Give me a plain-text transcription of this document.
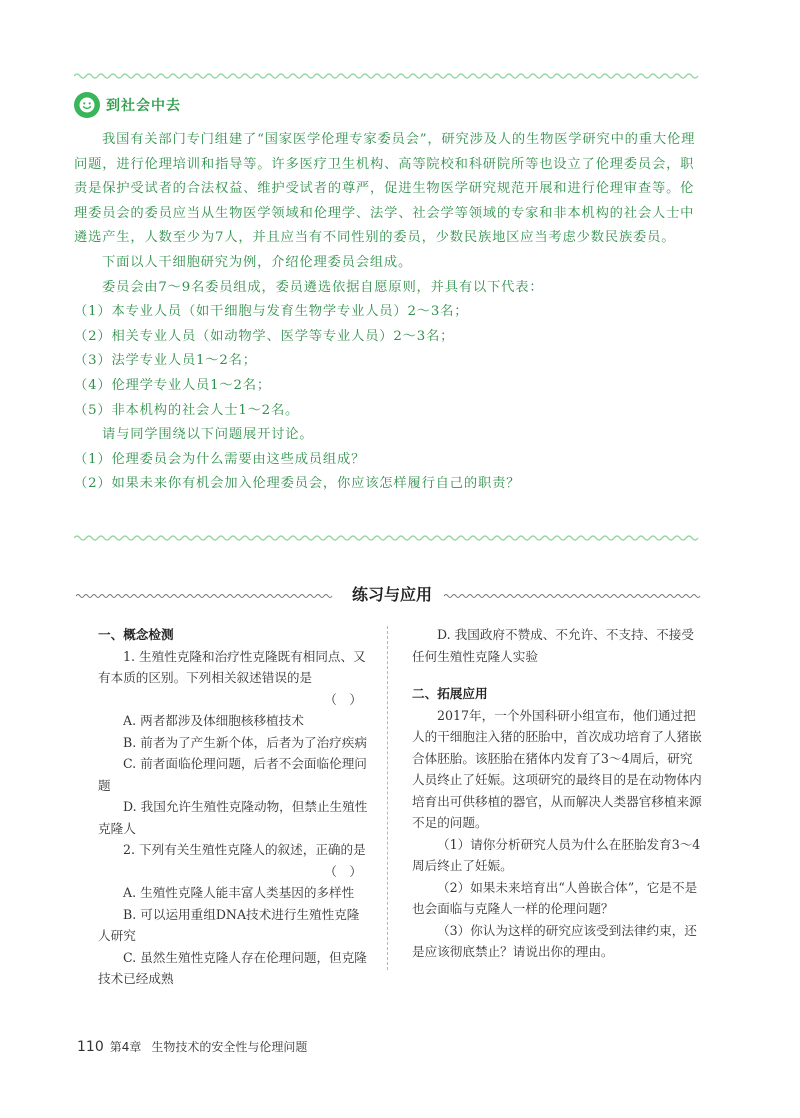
到社会中去

我国有关部门专门组建了“国家医学伦理专家委员会”，研究涉及人的生物医学研究中的重大伦理问题，进行伦理培训和指导等。许多医疗卫生机构、高等院校和科研院所等也设立了伦理委员会，职责是保护受试者的合法权益、维护受试者的尊严，促进生物医学研究规范开展和进行伦理审查等。伦理委员会的委员应当从生物医学领域和伦理学、法学、社会学等领域的专家和非本机构的社会人士中遴选产生，人数至少为7人，并且应当有不同性别的委员，少数民族地区应当考虑少数民族委员。

下面以人干细胞研究为例，介绍伦理委员会组成。

委员会由7～9名委员组成，委员遴选依据自愿原则，并具有以下代表：

（1）本专业人员（如干细胞与发育生物学专业人员）2～3名；

（2）相关专业人员（如动物学、医学等专业人员）2～3名；

（3）法学专业人员1～2名；

（4）伦理学专业人员1～2名；

（5）非本机构的社会人士1～2名。

请与同学围绕以下问题展开讨论。

（1）伦理委员会为什么需要由这些成员组成？

（2）如果未来你有机会加入伦理委员会，你应该怎样履行自己的职责？

练习与应用

一、概念检测

1. 生殖性克隆和治疗性克隆既有相同点、又有本质的区别。下列相关叙述错误的是

（　）

A. 两者都涉及体细胞核移植技术

B. 前者为了产生新个体，后者为了治疗疾病

C. 前者面临伦理问题，后者不会面临伦理问题

D. 我国允许生殖性克隆动物，但禁止生殖性克隆人

2. 下列有关生殖性克隆人的叙述，正确的是

（　）

A. 生殖性克隆人能丰富人类基因的多样性

B. 可以运用重组DNA技术进行生殖性克隆人研究

C. 虽然生殖性克隆人存在伦理问题，但克隆技术已经成熟

D. 我国政府不赞成、不允许、不支持、不接受任何生殖性克隆人实验

二、拓展应用

2017年，一个外国科研小组宣布，他们通过把人的干细胞注入猪的胚胎中，首次成功培育了人猪嵌合体胚胎。该胚胎在猪体内发育了3～4周后，研究人员终止了妊娠。这项研究的最终目的是在动物体内培育出可供移植的器官，从而解决人类器官移植来源不足的问题。

（1）请你分析研究人员为什么在胚胎发育3～4周后终止了妊娠。

（2）如果未来培育出“人兽嵌合体”，它是不是也会面临与克隆人一样的伦理问题？

（3）你认为这样的研究应该受到法律约束，还是应该彻底禁止？请说出你的理由。

110 第4章 生物技术的安全性与伦理问题
